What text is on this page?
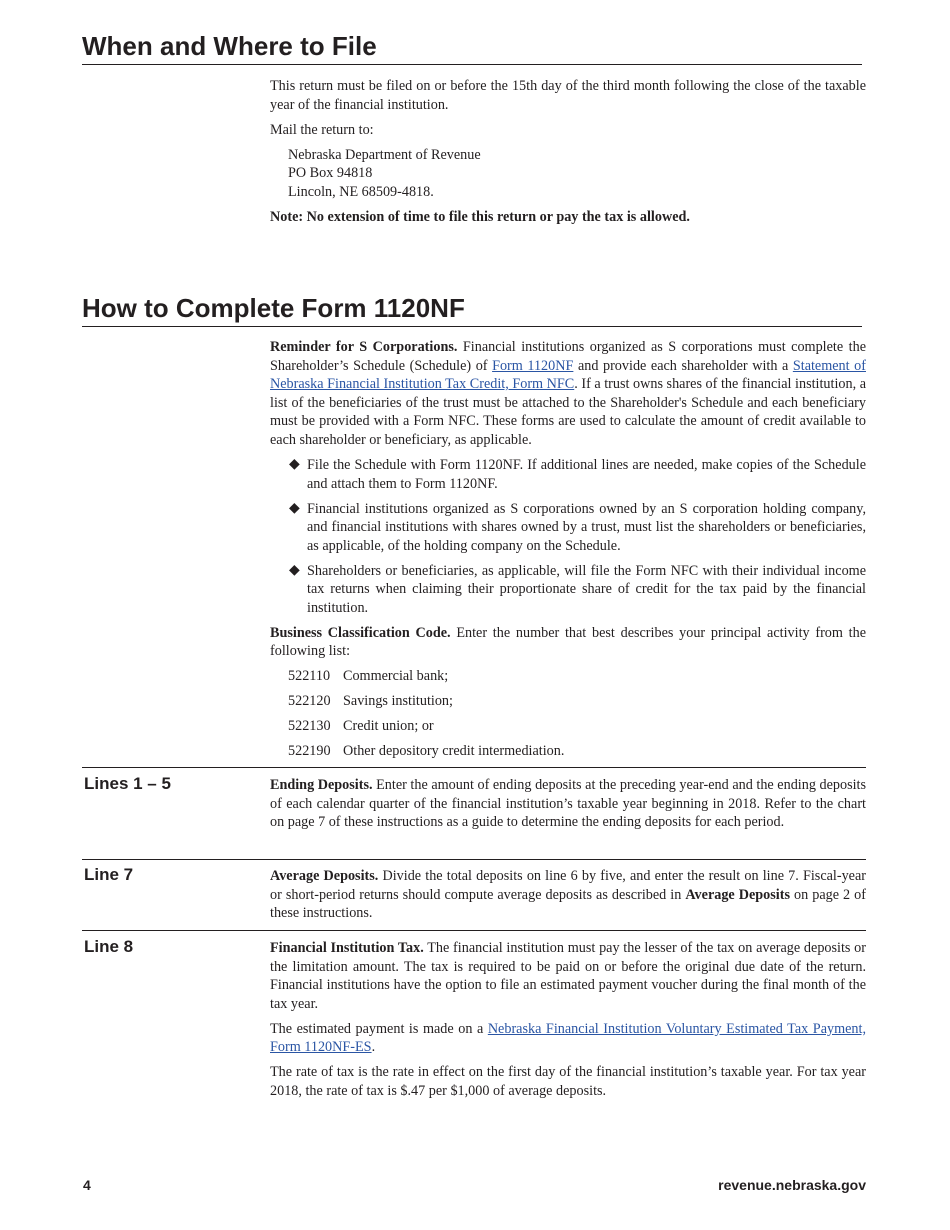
When and Where to File

This return must be filed on or before the 15th day of the third month following the close of the taxable year of the financial institution.

Mail the return to:

Nebraska Department of Revenue
PO Box 94818
Lincoln, NE 68509-4818.

Note: No extension of time to file this return or pay the tax is allowed.

How to Complete Form 1120NF

Reminder for S Corporations. Financial institutions organized as S corporations must complete the Shareholder’s Schedule (Schedule) of Form 1120NF and provide each shareholder with a Statement of Nebraska Financial Institution Tax Credit, Form NFC. If a trust owns shares of the financial institution, a list of the beneficiaries of the trust must be attached to the Shareholder's Schedule and each beneficiary must be provided with a Form NFC. These forms are used to calculate the amount of credit available to each shareholder or beneficiary, as applicable.

◆ File the Schedule with Form 1120NF. If additional lines are needed, make copies of the Schedule and attach them to Form 1120NF.
◆ Financial institutions organized as S corporations owned by an S corporation holding company, and financial institutions with shares owned by a trust, must list the shareholders or beneficiaries, as applicable, of the holding company on the Schedule.
◆ Shareholders or beneficiaries, as applicable, will file the Form NFC with their individual income tax returns when claiming their proportionate share of credit for the tax paid by the financial institution.

Business Classification Code. Enter the number that best describes your principal activity from the following list:

522110 Commercial bank;
522120 Savings institution;
522130 Credit union; or
522190 Other depository credit intermediation.
Lines 1 – 5	Ending Deposits. Enter the amount of ending deposits at the preceding year-end and the ending deposits of each calendar quarter of the financial institution’s taxable year beginning in 2018. Refer to the chart on page 7 of these instructions as a guide to determine the ending deposits for each period.

Line 7	Average Deposits. Divide the total deposits on line 6 by five, and enter the result on line 7. Fiscal-year or short-period returns should compute average deposits as described in Average Deposits on page 2 of these instructions.

Line 8	Financial Institution Tax. The financial institution must pay the lesser of the tax on average deposits or the limitation amount. The tax is required to be paid on or before the original due date of the return. Financial institutions have the option to file an estimated payment voucher during the final month of the tax year.

The estimated payment is made on a Nebraska Financial Institution Voluntary Estimated Tax Payment, Form 1120NF-ES.

The rate of tax is the rate in effect on the first day of the financial institution’s taxable year. For tax year 2018, the rate of tax is $.47 per $1,000 of average deposits.

4	revenue.nebraska.gov
